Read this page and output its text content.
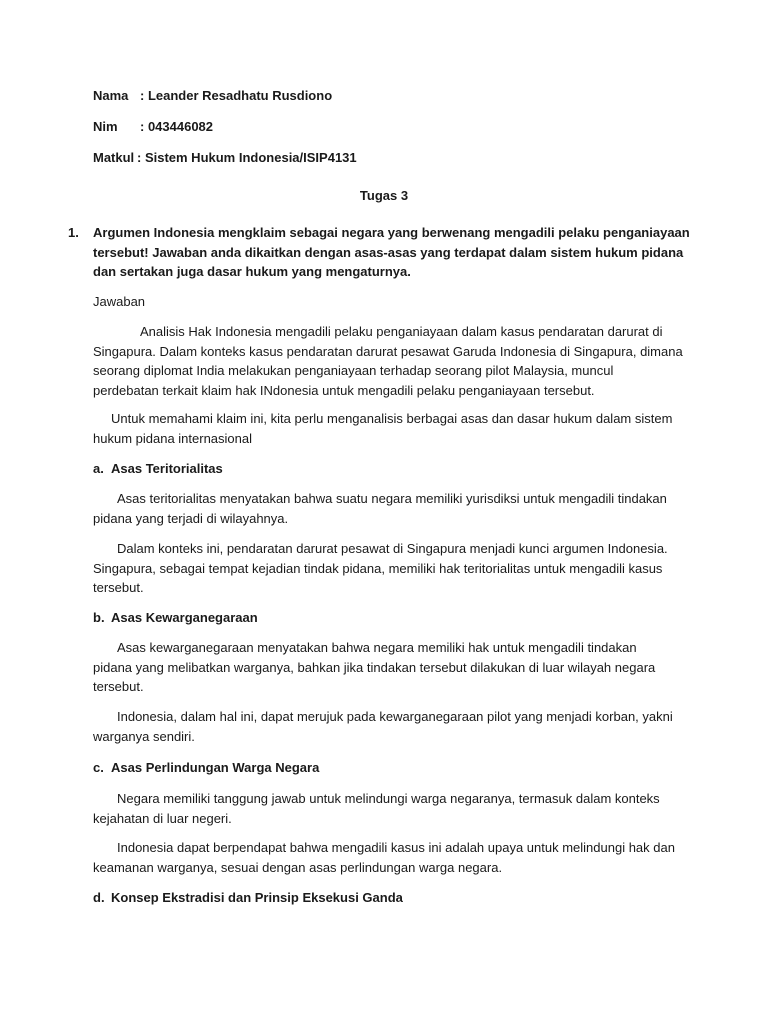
Nama : Leander Resadhatu Rusdiono
Nim : 043446082
Matkul : Sistem Hukum Indonesia/ISIP4131
Tugas 3
1. Argumen Indonesia mengklaim sebagai negara yang berwenang mengadili pelaku penganiayaan
tersebut! Jawaban anda dikaitkan dengan asas-asas yang terdapat dalam sistem hukum pidana
dan sertakan juga dasar hukum yang mengaturnya.
Jawaban
Analisis Hak Indonesia mengadili pelaku penganiayaan dalam kasus pendaratan darurat di
Singapura. Dalam konteks kasus pendaratan darurat pesawat Garuda Indonesia di Singapura, dimana
seorang diplomat India melakukan penganiayaan terhadap seorang pilot Malaysia, muncul
perdebatan terkait klaim hak INdonesia untuk mengadili pelaku penganiayaan tersebut.
Untuk memahami klaim ini, kita perlu menganalisis berbagai asas dan dasar hukum dalam sistem
hukum pidana internasional
a. Asas Teritorialitas
Asas teritorialitas menyatakan bahwa suatu negara memiliki yurisdiksi untuk mengadili tindakan
pidana yang terjadi di wilayahnya.
Dalam konteks ini, pendaratan darurat pesawat di Singapura menjadi kunci argumen Indonesia.
Singapura, sebagai tempat kejadian tindak pidana, memiliki hak teritorialitas untuk mengadili kasus
tersebut.
b. Asas Kewarganegaraan
Asas kewarganegaraan menyatakan bahwa negara memiliki hak untuk mengadili tindakan
pidana yang melibatkan warganya, bahkan jika tindakan tersebut dilakukan di luar wilayah negara
tersebut.
Indonesia, dalam hal ini, dapat merujuk pada kewarganegaraan pilot yang menjadi korban, yakni
warganya sendiri.
c. Asas Perlindungan Warga Negara
Negara memiliki tanggung jawab untuk melindungi warga negaranya, termasuk dalam konteks
kejahatan di luar negeri.
Indonesia dapat berpendapat bahwa mengadili kasus ini adalah upaya untuk melindungi hak dan
keamanan warganya, sesuai dengan asas perlindungan warga negara.
d. Konsep Ekstradisi dan Prinsip Eksekusi Ganda
